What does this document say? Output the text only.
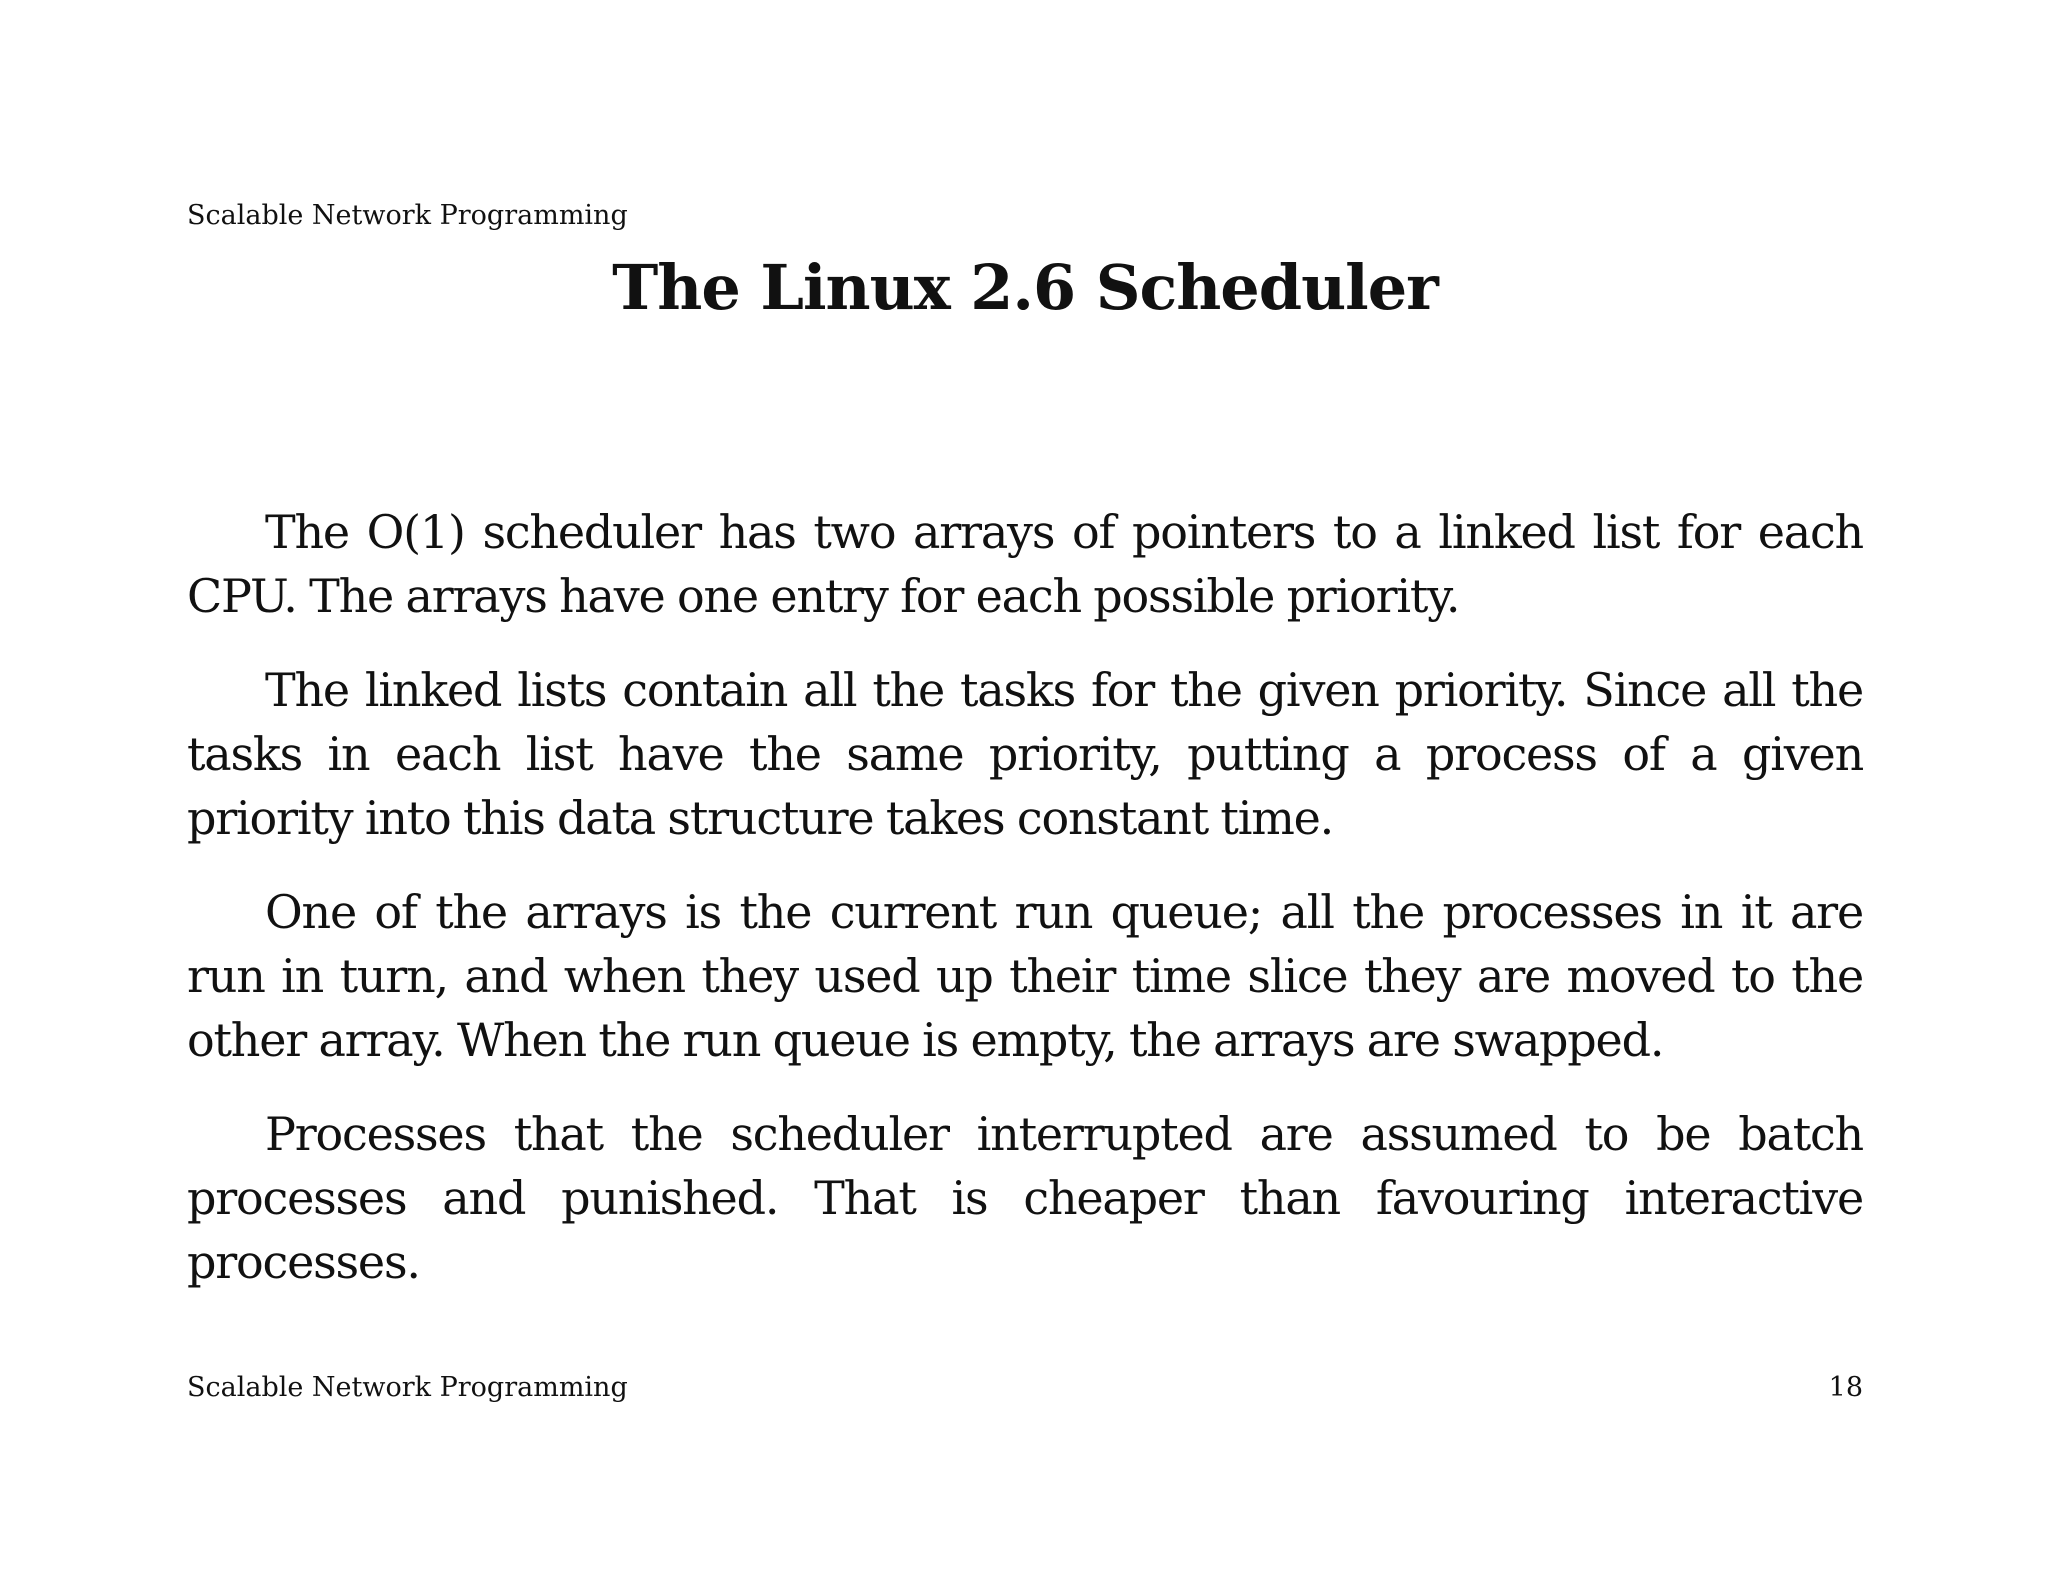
Scalable Network Programming
The Linux 2.6 Scheduler

The O(1) scheduler has two arrays of pointers to a linked list for each CPU. The arrays have one entry for each possible priority.

The linked lists contain all the tasks for the given priority. Since all the tasks in each list have the same priority, putting a process of a given priority into this data structure takes constant time.

One of the arrays is the current run queue; all the processes in it are run in turn, and when they used up their time slice they are moved to the other array. When the run queue is empty, the arrays are swapped.

Processes that the scheduler interrupted are assumed to be batch processes and punished. That is cheaper than favouring interactive processes.

Scalable Network Programming	18
